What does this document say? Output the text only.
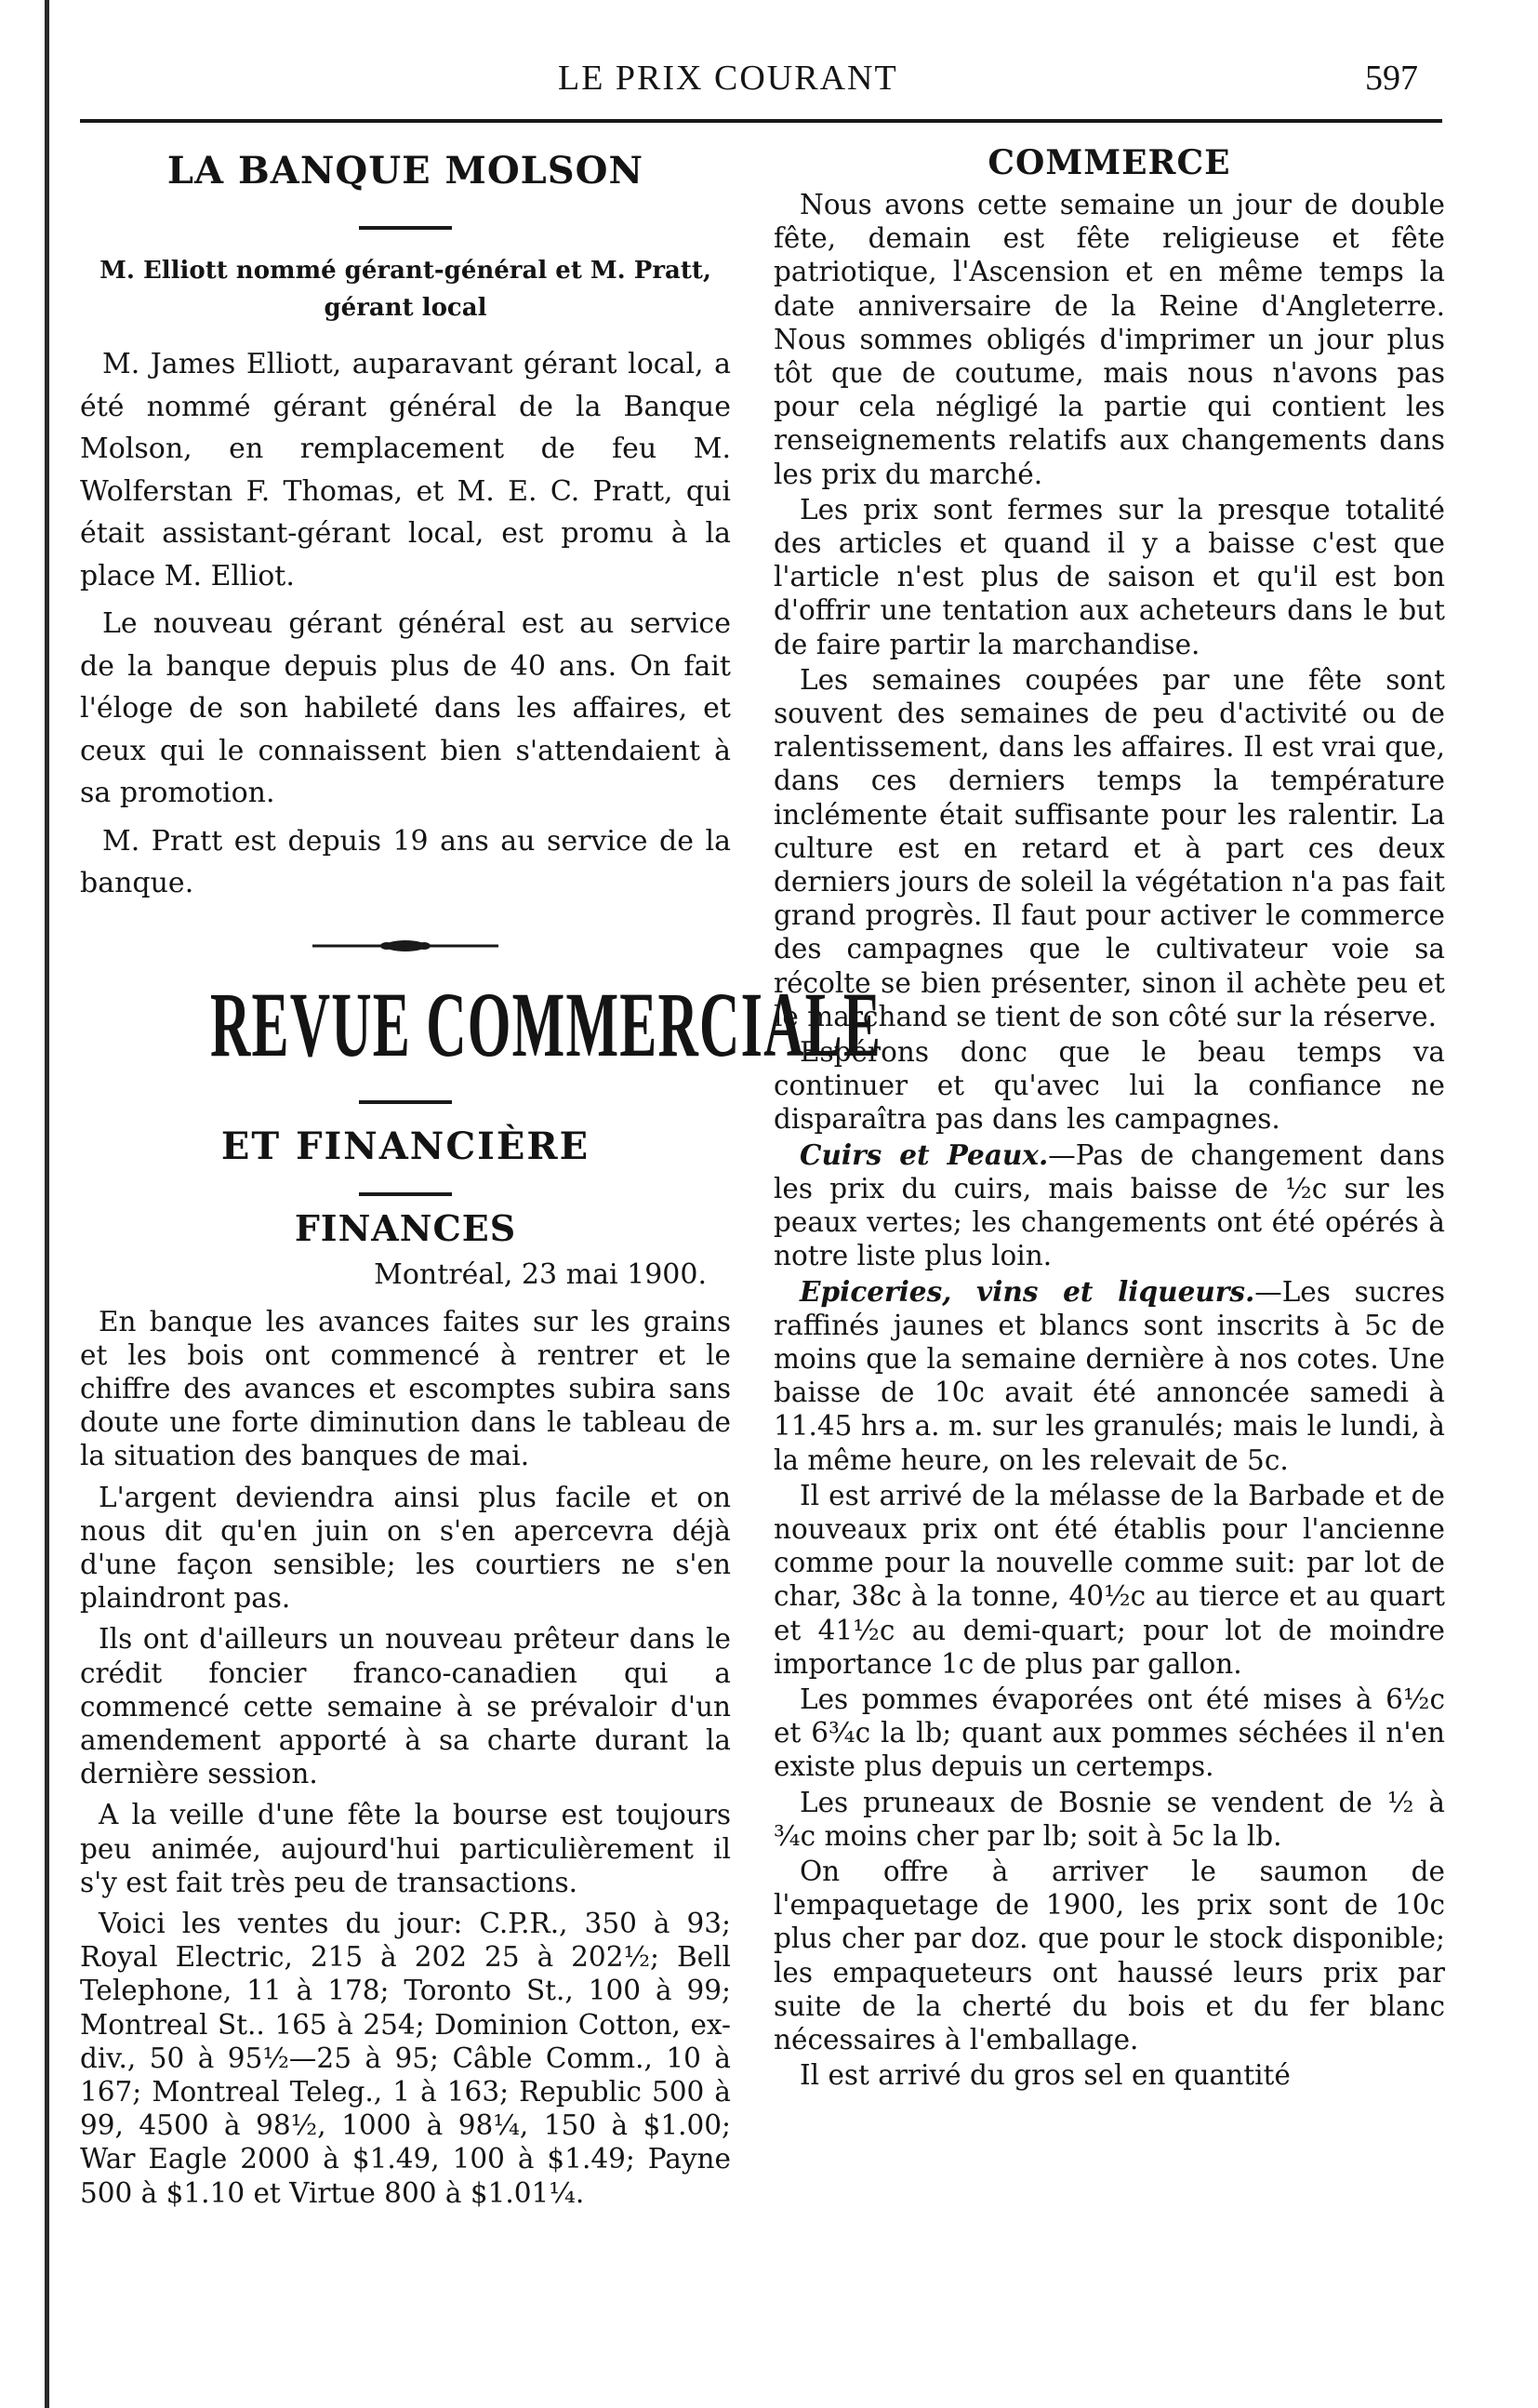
LE PRIX COURANT	597
LA BANQUE MOLSON
M. Elliott nommé gérant-général et M. Pratt, gérant local

M. James Elliott, auparavant gérant local, a été nommé gérant général de la Banque Molson, en remplacement de feu M. Wolferstan F. Thomas, et M. E. C. Pratt, qui était assistant-gérant local, est promu à la place M. Elliot.

Le nouveau gérant général est au service de la banque depuis plus de 40 ans. On fait l'éloge de son habileté dans les affaires, et ceux qui le connaissent bien s'attendaient à sa promotion.

M. Pratt est depuis 19 ans au service de la banque.

REVUE COMMERCIALE
ET FINANCIÈRE
FINANCES
Montréal, 23 mai 1900.

En banque les avances faites sur les grains et les bois ont commencé à rentrer et le chiffre des avances et escomptes subira sans doute une forte diminution dans le tableau de la situation des banques de mai.

L'argent deviendra ainsi plus facile et on nous dit qu'en juin on s'en apercevra déjà d'une façon sensible; les courtiers ne s'en plaindront pas.

Ils ont d'ailleurs un nouveau prêteur dans le crédit foncier franco-canadien qui a commencé cette semaine à se prévaloir d'un amendement apporté à sa charte durant la dernière session.

A la veille d'une fête la bourse est toujours peu animée, aujourd'hui particulièrement il s'y est fait très peu de transactions.

Voici les ventes du jour: C.P.R., 350 à 93; Royal Electric, 215 à 202 25 à 202½; Bell Telephone, 11 à 178; Toronto St., 100 à 99; Montreal St.. 165 à 254; Dominion Cotton, ex-div., 50 à 95½—25 à 95; Câble Comm., 10 à 167; Montreal Teleg., 1 à 163; Republic 500 à 99, 4500 à 98½, 1000 à 98¼, 150 à $1.00; War Eagle 2000 à $1.49, 100 à $1.49; Payne 500 à $1.10 et Virtue 800 à $1.01¼.

COMMERCE

Nous avons cette semaine un jour de double fête, demain est fête religieuse et fête patriotique, l'Ascension et en même temps la date anniversaire de la Reine d'Angleterre. Nous sommes obligés d'imprimer un jour plus tôt que de coutume, mais nous n'avons pas pour cela négligé la partie qui contient les renseignements relatifs aux changements dans les prix du marché.

Les prix sont fermes sur la presque totalité des articles et quand il y a baisse c'est que l'article n'est plus de saison et qu'il est bon d'offrir une tentation aux acheteurs dans le but de faire partir la marchandise.

Les semaines coupées par une fête sont souvent des semaines de peu d'activité ou de ralentissement, dans les affaires. Il est vrai que, dans ces derniers temps la température inclémente était suffisante pour les ralentir. La culture est en retard et à part ces deux derniers jours de soleil la végétation n'a pas fait grand progrès. Il faut pour activer le commerce des campagnes que le cultivateur voie sa récolte se bien présenter, sinon il achète peu et le marchand se tient de son côté sur la réserve.

Espérons donc que le beau temps va continuer et qu'avec lui la confiance ne disparaîtra pas dans les campagnes.

Cuirs et Peaux.—Pas de changement dans les prix du cuirs, mais baisse de ½c sur les peaux vertes; les changements ont été opérés à notre liste plus loin.

Epiceries, vins et liqueurs.—Les sucres raffinés jaunes et blancs sont inscrits à 5c de moins que la semaine dernière à nos cotes. Une baisse de 10c avait été annoncée samedi à 11.45 hrs a. m. sur les granulés; mais le lundi, à la même heure, on les relevait de 5c.

Il est arrivé de la mélasse de la Barbade et de nouveaux prix ont été établis pour l'ancienne comme pour la nouvelle comme suit: par lot de char, 38c à la tonne, 40½c au tierce et au quart et 41½c au demi-quart; pour lot de moindre importance 1c de plus par gallon.

Les pommes évaporées ont été mises à 6½c et 6¾c la lb; quant aux pommes séchées il n'en existe plus depuis un certemps.

Les pruneaux de Bosnie se vendent de ½ à ¾c moins cher par lb; soit à 5c la lb.

On offre à arriver le saumon de l'empaquetage de 1900, les prix sont de 10c plus cher par doz. que pour le stock disponible; les empaqueteurs ont haussé leurs prix par suite de la cherté du bois et du fer blanc nécessaires à l'emballage.

Il est arrivé du gros sel en quantité
